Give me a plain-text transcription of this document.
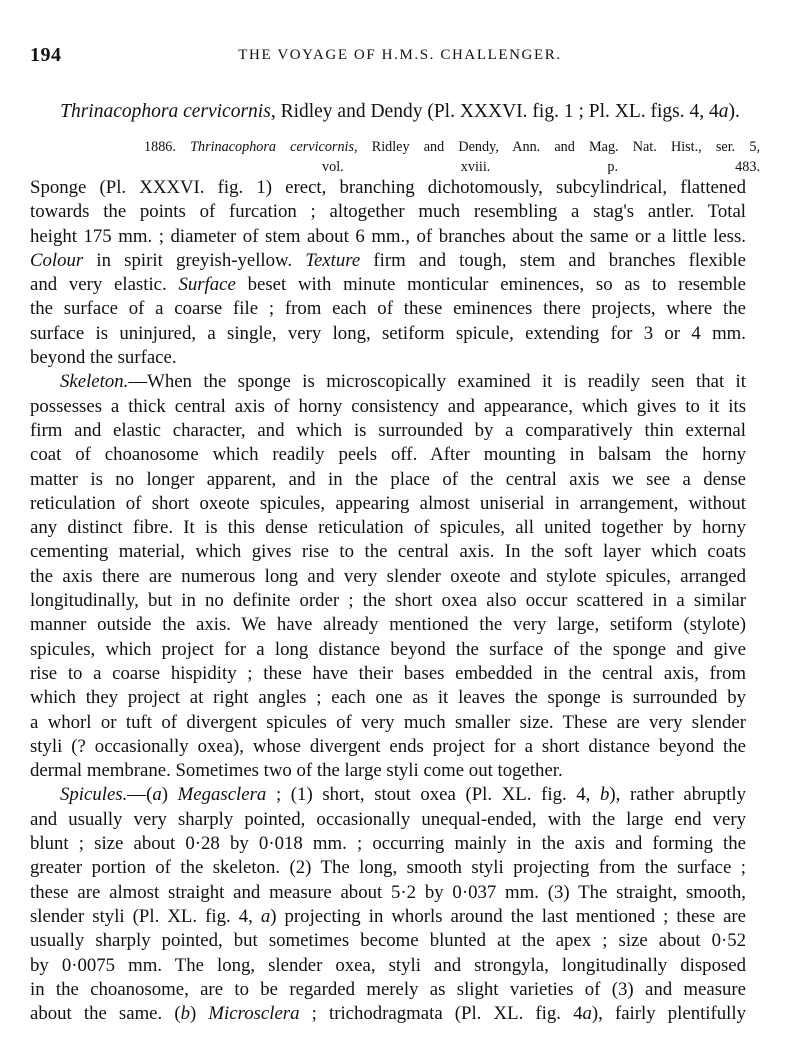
194	THE VOYAGE OF H.M.S. CHALLENGER.
Thrinacophora cervicornis, Ridley and Dendy (Pl. XXXVI. fig. 1 ; Pl. XL. figs. 4, 4a).
1886. Thrinacophora cervicornis, Ridley and Dendy, Ann. and Mag. Nat. Hist., ser. 5,
vol. xviii. p. 483.
Sponge (Pl. XXXVI. fig. 1) erect, branching dichotomously, subcylindrical, flattened
towards the points of furcation ; altogether much resembling a stag's antler. Total
height 175 mm. ; diameter of stem about 6 mm., of branches about the same or a little less.
Colour in spirit greyish-yellow. Texture firm and tough, stem and branches flexible
and very elastic. Surface beset with minute monticular eminences, so as to resemble
the surface of a coarse file ; from each of these eminences there projects, where the
surface is uninjured, a single, very long, setiform spicule, extending for 3 or 4 mm.
beyond the surface.
Skeleton.—When the sponge is microscopically examined it is readily seen that it
possesses a thick central axis of horny consistency and appearance, which gives to it its
firm and elastic character, and which is surrounded by a comparatively thin external
coat of choanosome which readily peels off. After mounting in balsam the horny
matter is no longer apparent, and in the place of the central axis we see a dense
reticulation of short oxeote spicules, appearing almost uniserial in arrangement, without
any distinct fibre. It is this dense reticulation of spicules, all united together by horny
cementing material, which gives rise to the central axis. In the soft layer which coats
the axis there are numerous long and very slender oxeote and stylote spicules, arranged
longitudinally, but in no definite order ; the short oxea also occur scattered in a similar
manner outside the axis. We have already mentioned the very large, setiform (stylote)
spicules, which project for a long distance beyond the surface of the sponge and give
rise to a coarse hispidity ; these have their bases embedded in the central axis, from
which they project at right angles ; each one as it leaves the sponge is surrounded by
a whorl or tuft of divergent spicules of very much smaller size. These are very slender
styli (? occasionally oxea), whose divergent ends project for a short distance beyond the
dermal membrane. Sometimes two of the large styli come out together.
Spicules.—(a) Megasclera ; (1) short, stout oxea (Pl. XL. fig. 4, b), rather abruptly
and usually very sharply pointed, occasionally unequal-ended, with the large end very
blunt ; size about 0·28 by 0·018 mm. ; occurring mainly in the axis and forming the
greater portion of the skeleton. (2) The long, smooth styli projecting from the surface ;
these are almost straight and measure about 5·2 by 0·037 mm. (3) The straight, smooth,
slender styli (Pl. XL. fig. 4, a) projecting in whorls around the last mentioned ; these are
usually sharply pointed, but sometimes become blunted at the apex ; size about 0·52
by 0·0075 mm. The long, slender oxea, styli and strongyla, longitudinally disposed
in the choanosome, are to be regarded merely as slight varieties of (3) and measure
about the same. (b) Microsclera ; trichodragmata (Pl. XL. fig. 4a), fairly plentifully
